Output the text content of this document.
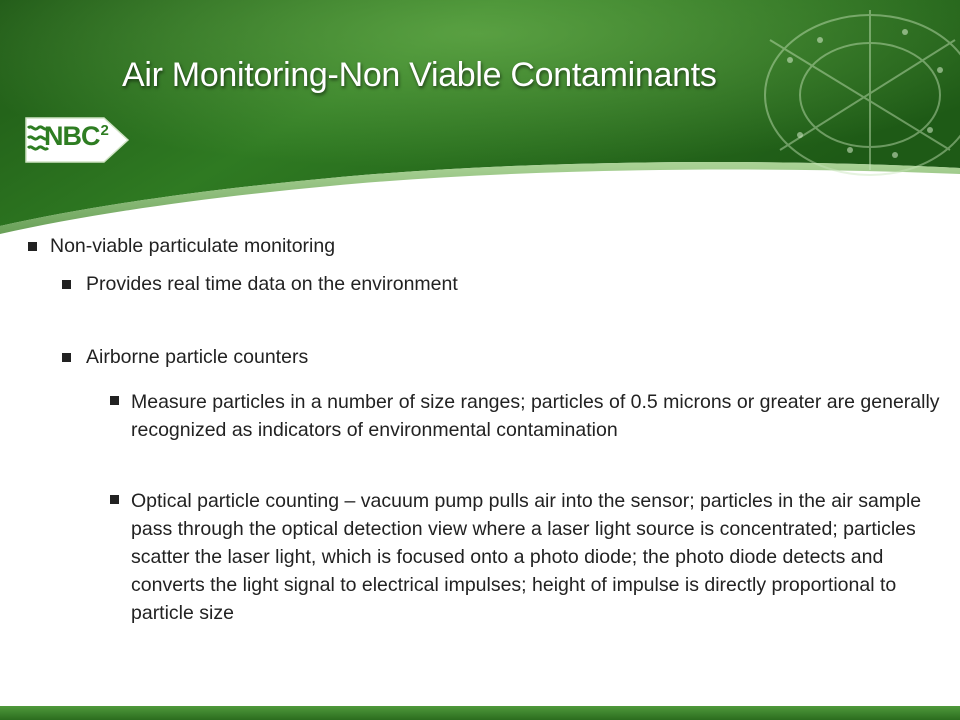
Air Monitoring-Non Viable Contaminants
NBC$^2$
Non-viable particulate monitoring
Provides real time data on the environment
Airborne particle counters
Measure particles in a number of size ranges; particles of 0.5 microns or greater are generally recognized as indicators of environmental contamination
Optical particle counting – vacuum pump pulls air into the sensor; particles in the air sample pass through the optical detection view where a laser light source is concentrated; particles scatter the laser light, which is focused onto a photo diode; the photo diode detects and converts the light signal to electrical impulses; height of impulse is directly proportional to particle size
